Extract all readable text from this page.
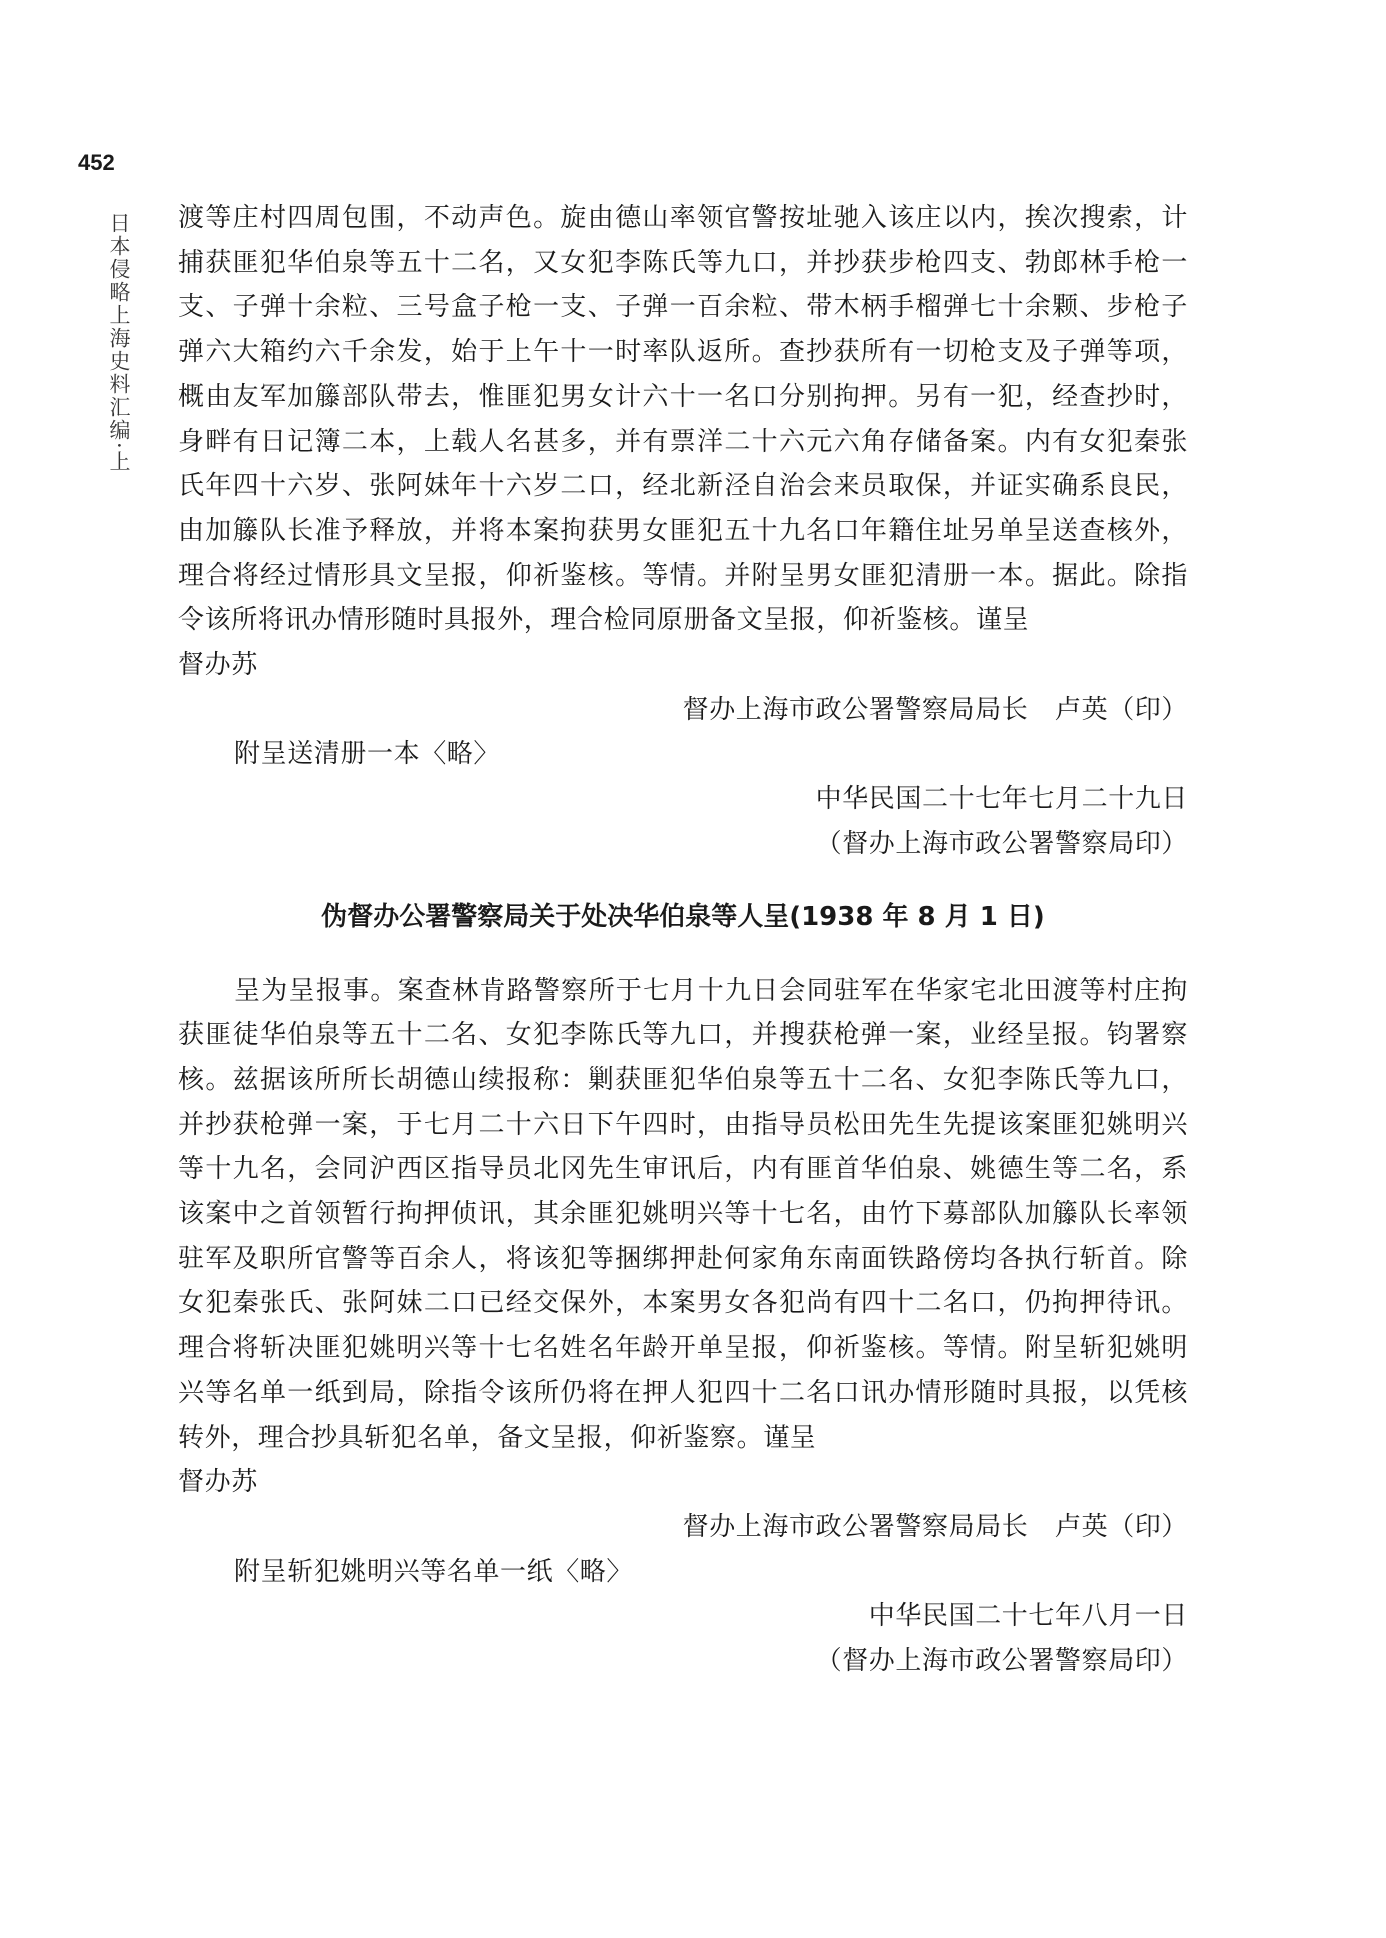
452
日本侵略上海史料汇编·上 渡等庄村四周包围，不动声色。旋由德山率领官警按址驰入该庄以内，挨次搜索，计捕获匪犯华伯泉等五十二名，又女犯李陈氏等九口，并抄获步枪四支、勃郎林手枪一支、子弹十余粒、三号盒子枪一支、子弹一百余粒、带木柄手榴弹七十余颗、步枪子弹六大箱约六千余发，始于上午十一时率队返所。查抄获所有一切枪支及子弹等项，概由友军加籐部队带去，惟匪犯男女计六十一名口分别拘押。另有一犯，经查抄时，身畔有日记簿二本，上载人名甚多，并有票洋二十六元六角存储备案。内有女犯秦张氏年四十六岁、张阿妹年十六岁二口，经北新泾自治会来员取保，并证实确系良民，由加籐队长准予释放，并将本案拘获男女匪犯五十九名口年籍住址另单呈送查核外，理合将经过情形具文呈报，仰祈鉴核。等情。并附呈男女匪犯清册一本。据此。除指令该所将讯办情形随时具报外，理合检同原册备文呈报，仰祈鉴核。谨呈

督办苏

督办上海市政公署警察局局长　卢英（印）

附呈送清册一本〈略〉

中华民国二十七年七月二十九日

（督办上海市政公署警察局印）

伪督办公署警察局关于处决华伯泉等人呈(1938 年 8 月 1 日)

呈为呈报事。案查林肯路警察所于七月十九日会同驻军在华家宅北田渡等村庄拘获匪徒华伯泉等五十二名、女犯李陈氏等九口，并搜获枪弹一案，业经呈报。钧署察核。兹据该所所长胡德山续报称：剿获匪犯华伯泉等五十二名、女犯李陈氏等九口，并抄获枪弹一案，于七月二十六日下午四时，由指导员松田先生先提该案匪犯姚明兴等十九名，会同沪西区指导员北冈先生审讯后，内有匪首华伯泉、姚德生等二名，系该案中之首领暂行拘押侦讯，其余匪犯姚明兴等十七名，由竹下募部队加籐队长率领驻军及职所官警等百余人，将该犯等捆绑押赴何家角东南面铁路傍均各执行斩首。除女犯秦张氏、张阿妹二口已经交保外，本案男女各犯尚有四十二名口，仍拘押待讯。理合将斩决匪犯姚明兴等十七名姓名年龄开单呈报，仰祈鉴核。等情。附呈斩犯姚明兴等名单一纸到局，除指令该所仍将在押人犯四十二名口讯办情形随时具报，以凭核转外，理合抄具斩犯名单，备文呈报，仰祈鉴察。谨呈

督办苏

督办上海市政公署警察局局长　卢英（印）

附呈斩犯姚明兴等名单一纸〈略〉

中华民国二十七年八月一日

（督办上海市政公署警察局印）
